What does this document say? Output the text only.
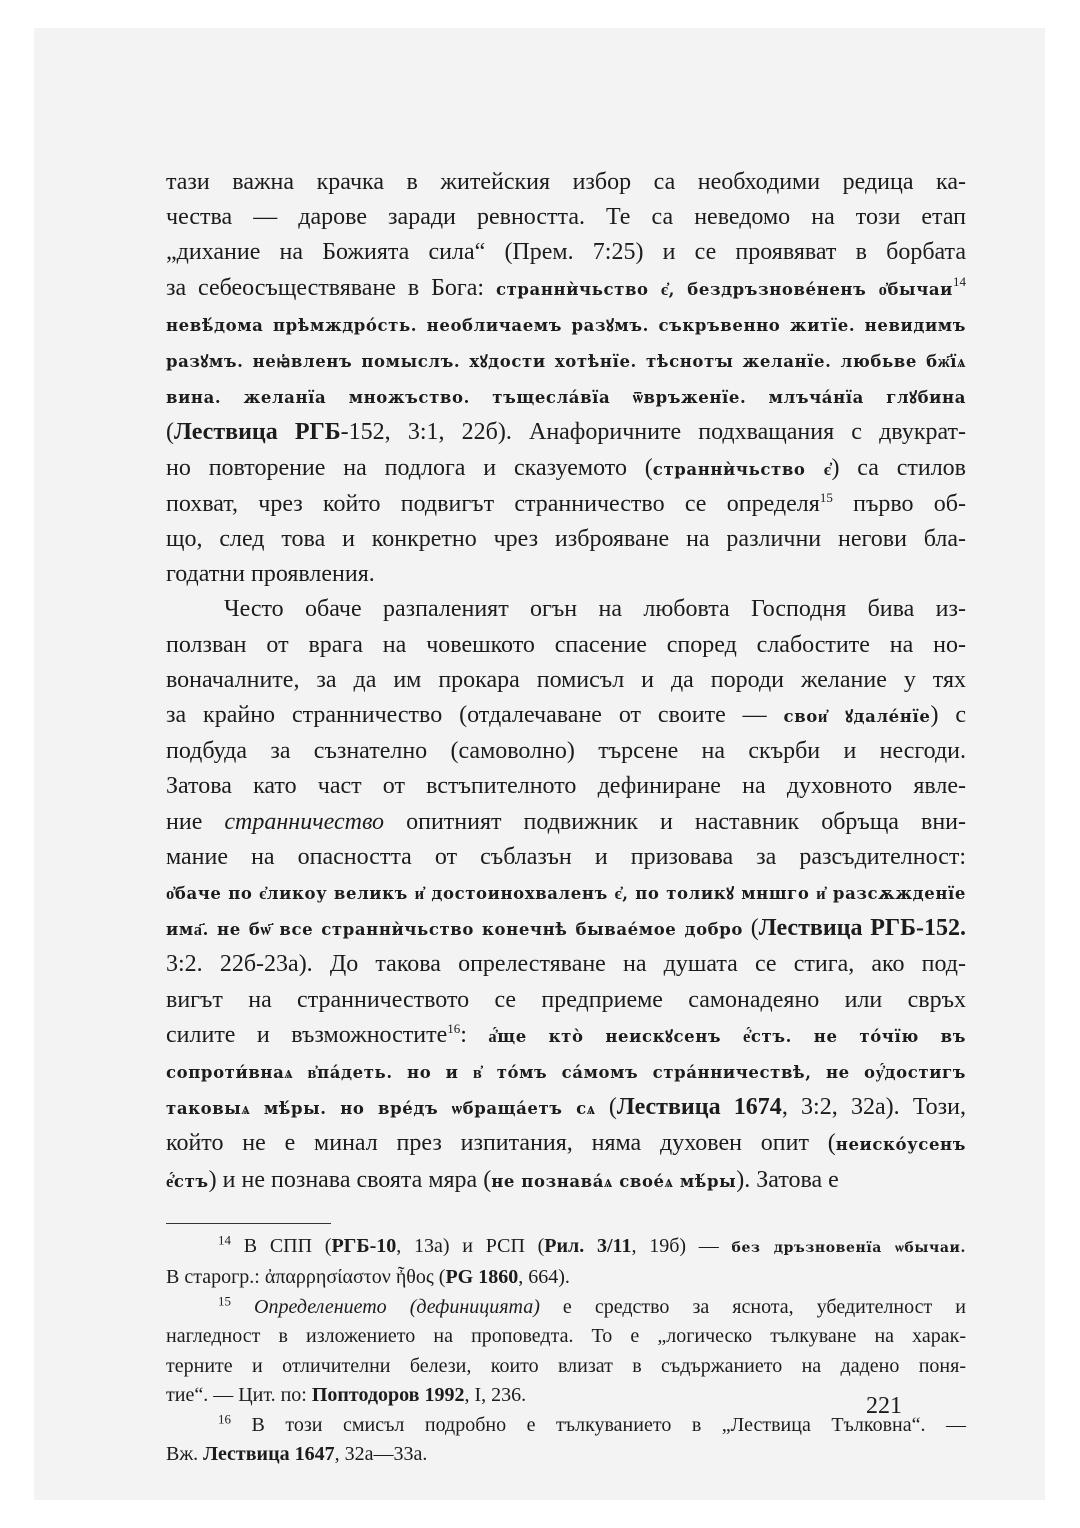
тази важна крачка в житейския избор са необходими редица ка-
чества — дарове заради ревността. Те са неведомо на този етап
„дихание на Божията сила“ (Прем. 7:25) и се проявяват в борбата
за себеосъществяване в Бога: страннѝчьство є҆, бездръзнове́ненъ о҆бычаи$^{14}$
невѣ́дома прѣмждро́сть. необличаемъ разꙋмъ. съкръвенно житїе. невидимъ
разꙋмъ. неꙗ҆вленъ помыслъ. хꙋдости хотѣнїе. тѣснотꙑ желанїе. любьве бж҃їѧ
вина. желанїа множъство. тъщесла́вїа ѿвръженїе. млъча́нїа глꙋбина
(Лествица РГБ-152, 3:1, 22б). Анафоричните подхващания с двукрат-
но повторение на подлога и сказуемото (страннѝчьство є҆) са стилов
похват, чрез който подвигът странничество се определя$^{15}$ първо об-
що, след това и конкретно чрез изброяване на различни негови бла-
годатни проявления.
Често обаче разпаленият огън на любовта Господня бива из-
ползван от врага на човешкото спасение според слабостите на но-
воначалните, за да им прокара помисъл и да породи желание у тях
за крайно странничество (отдалечаване от своите — свои҆ ꙋдале́нїе) с
подбуда за съзнателно (самоволно) търсене на скърби и несгоди.
Затова като част от встъпителното дефиниране на духовното явле-
ние странничество опитният подвижник и наставник обръща вни-
мание на опасността от съблазън и призовава за разсъдителност:
о҆баче по є҆ликоу великъ и҆ достоинохваленъ є҆, по толикꙋ мншго и҆ разсѫжденїе
има҃. не бѡ҃ все страннѝчьство конечнѣ бывае́мое добро (Лествица РГБ-152.
3:2. 22б-23а). До такова опрелестяване на душата се стига, ако под-
вигът на странничеството се предприеме самонадеяно или свръх
силите и възможностите$^{16}$: а҆́ще кто̀ неискꙋсенъ е҆́стъ. не то́чїю въ
сопроти́внаѧ в҆па́деть. но и в҆ то́мъ са́момъ стра́нничествѣ, не оу҆́достигъ
таковыѧ мѣ́ры. но вре́дъ ѡбраща́етъ сѧ (Лествица 1674, 3:2, 32а). Този,
който не е минал през изпитания, няма духовен опит (неиско́усенъ
е҆́стъ) и не познава своята мяра (не познава́ѧ свое́ѧ мѣ́ры). Затова е
$^{14}$ В СПП (РГБ-10, 13а) и РСП (Рил. 3/11, 19б) — без дръзновенїа ѡбычаи.
В старогр.: ἀπαρρησίαστον ἦθος (PG 1860, 664).
$^{15}$ Определението (дефиницията) е средство за яснота, убедителност и
нагледност в изложението на проповедта. То е „логическо тълкуване на харак-
терните и отличителни белези, които влизат в съдържанието на дадено поня-
тие“. — Цит. по: Поптодоров 1992, I, 236.
$^{16}$ В този смисъл подробно е тълкуванието в „Лествица Тълковна“. —
Вж. Лествица 1647, 32а—33а.
221
